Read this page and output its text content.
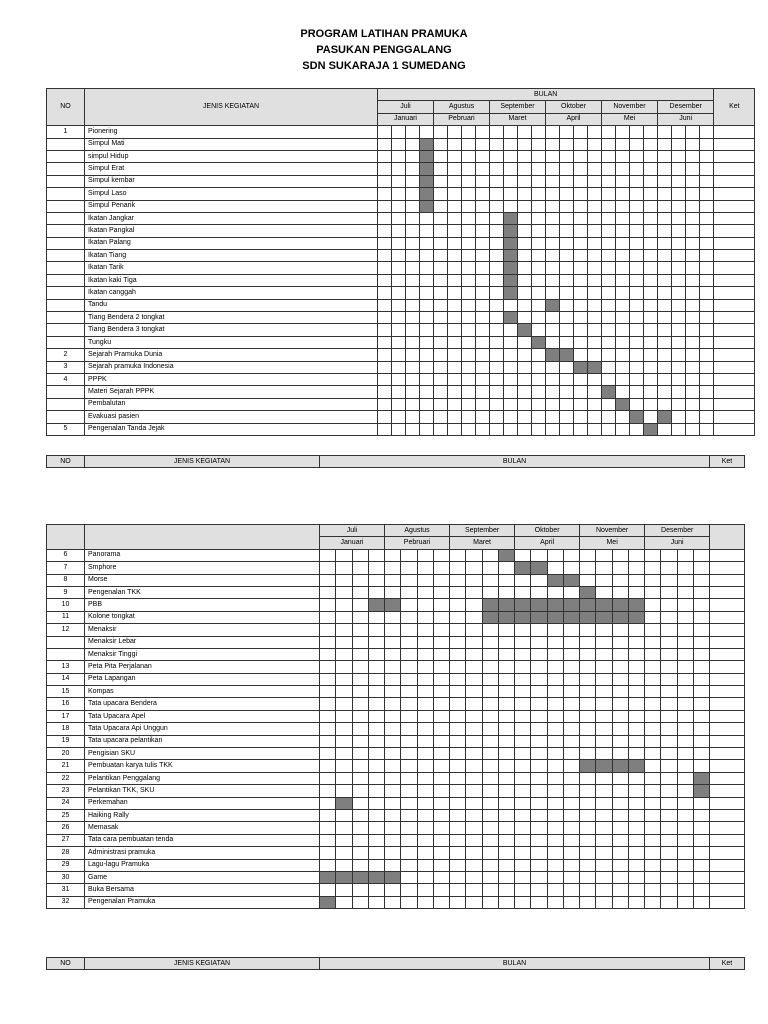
PROGRAM LATIHAN PRAMUKA
PASUKAN PENGGALANG
SDN SUKARAJA 1 SUMEDANG
NO	JENIS KEGIATAN	BULAN																								Ket
		Juli				Agustus				September				Oktober				November				Desember				
		Januari				Pebruari				Maret				April				Mei				Juni				
1	Pionering																									
	Simpul Mati																									
	simpul Hidup																									
	Simpul Erat																									
	Simpul kembar																									
	Simpul Laso																									
	Simpul Penarik																									
	Ikatan Jangkar																									
	Ikatan Pangkal																									
	Ikatan Palang																									
	Ikatan Tiang																									
	Ikatan Tarik																									
	Ikatan kaki Tiga																									
	Ikatan canggah																									
	Tandu																									
	Tiang Bendera 2 tongkat																									
	Tiang Bendera 3 tongkat																									
	Tungku																									
2	Sejarah Pramuka Dunia																									
3	Sejarah pramuka Indonesia																									
4	PPPK																									
	Materi Sejarah PPPK																									
	Pembalutan																									
	Evakuasi pasien																									
5	Pengenalan Tanda Jejak																									
NO	JENIS KEGIATAN	BULAN	Ket
		Juli				Agustus				September				Oktober				November				Desember				
		Januari				Pebruari				Maret				April				Mei				Juni				
6	Panorama																									
7	Smphore																									
8	Morse																									
9	Pengenalan TKK																									
10	PBB																									
11	Kolone tongkat																									
12	Menaksir																									
	Menaksir Lebar																									
	Menaksir Tinggi																									
13	Peta Pita Perjalanan																									
14	Peta Lapangan																									
15	Kompas																									
16	Tata upacara Bendera																									
17	Tata Upacara Apel																									
18	Tata Upacara Api Unggun																									
19	Tata upacara pelantikan																									
20	Pengisian SKU																									
21	Pembuatan karya tulis TKK																									
22	Pelantikan Penggalang																									
23	Pelantikan TKK, SKU																									
24	Perkemahan																									
25	Haiking Rally																									
26	Memasak																									
27	Tata cara pembuatan tenda																									
28	Administrasi pramuka																									
29	Lagu-lagu Pramuka																									
30	Game																									
31	Buka Bersama																									
32	Pengenalan Pramuka																									
NO	JENIS KEGIATAN	BULAN	Ket
